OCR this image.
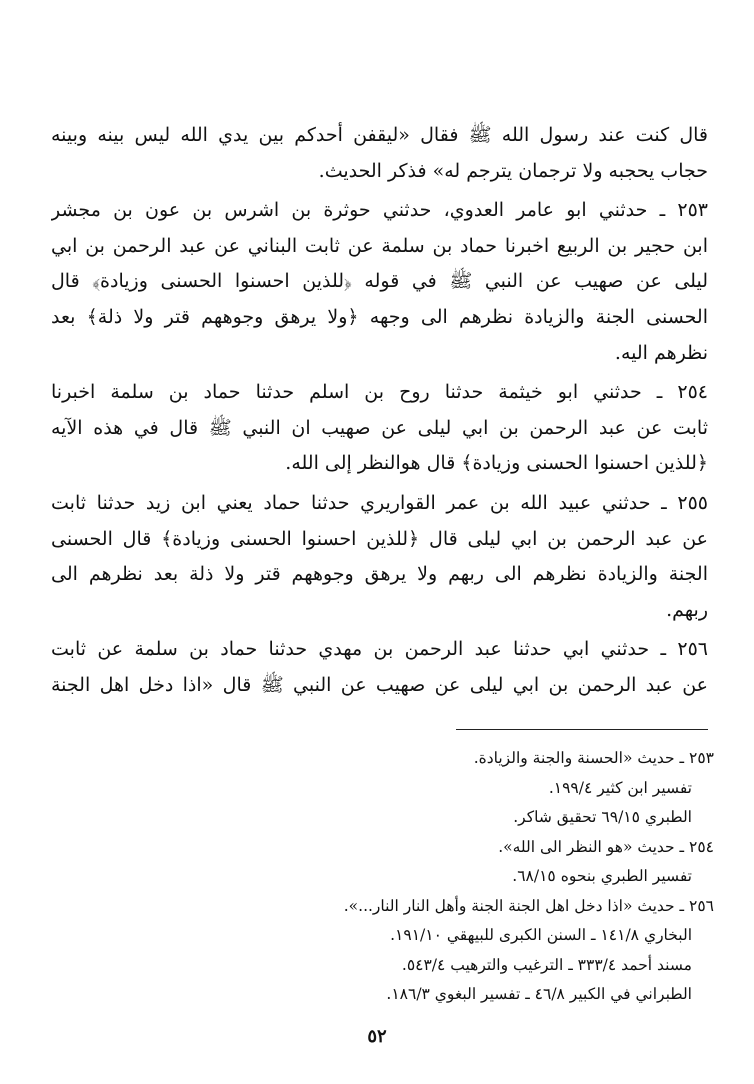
قال كنت عند رسول الله ﷺ فقال «ليقفن أحدكم بين يدي الله ليس بينه وبينه
حجاب يحجبه ولا ترجمان يترجم له» فذكر الحديث.
٢٥٣ ـ حدثني ابو عامر العدوي، حدثني حوثرة بن اشرس بن عون بن مجشر
ابن حجير بن الربيع اخبرنا حماد بن سلمة عن ثابت البناني عن عبد الرحمن بن ابي
ليلى عن صهيب عن النبي ﷺ في قوله ﴿للذين احسنوا الحسنى وزيادة﴾ قال
الحسنى الجنة والزيادة نظرهم الى وجهه ﴿ولا يرهق وجوههم قتر ولا ذلة﴾ بعد
نظرهم اليه.
٢٥٤ ـ حدثني ابو خيثمة حدثنا روح بن اسلم حدثنا حماد بن سلمة اخبرنا
ثابت عن عبد الرحمن بن ابي ليلى عن صهيب ان النبي ﷺ قال في هذه الآيه
﴿للذين احسنوا الحسنى وزيادة﴾ قال هوالنظر إلى الله.
٢٥٥ ـ حدثني عبيد الله بن عمر القواريري حدثنا حماد يعني ابن زيد حدثنا ثابت
عن عبد الرحمن بن ابي ليلى قال ﴿للذين احسنوا الحسنى وزيادة﴾ قال الحسنى
الجنة والزيادة نظرهم الى ربهم ولا يرهق وجوههم قتر ولا ذلة بعد نظرهم الى
ربهم.
٢٥٦ ـ حدثني ابي حدثنا عبد الرحمن بن مهدي حدثنا حماد بن سلمة عن ثابت
عن عبد الرحمن بن ابي ليلى عن صهيب عن النبي ﷺ قال «اذا دخل اهل الجنة
٢٥٣ ـ حديث «الحسنة والجنة والزيادة.
تفسير ابن كثير ١٩٩/٤.
الطبري ٦٩/١٥ تحقيق شاكر.
٢٥٤ ـ حديث «هو النظر الى الله».
تفسير الطبري بنحوه ٦٨/١٥.
٢٥٦ ـ حديث «اذا دخل اهل الجنة الجنة وأهل النار النار...».
البخاري ١٤١/٨ ـ السنن الكبرى للبيهقي ١٩١/١٠.
مسند أحمد ٣٣٣/٤ ـ الترغيب والترهيب ٥٤٣/٤.
الطبراني في الكبير ٤٦/٨ ـ تفسير البغوي ١٨٦/٣.
٥٢
